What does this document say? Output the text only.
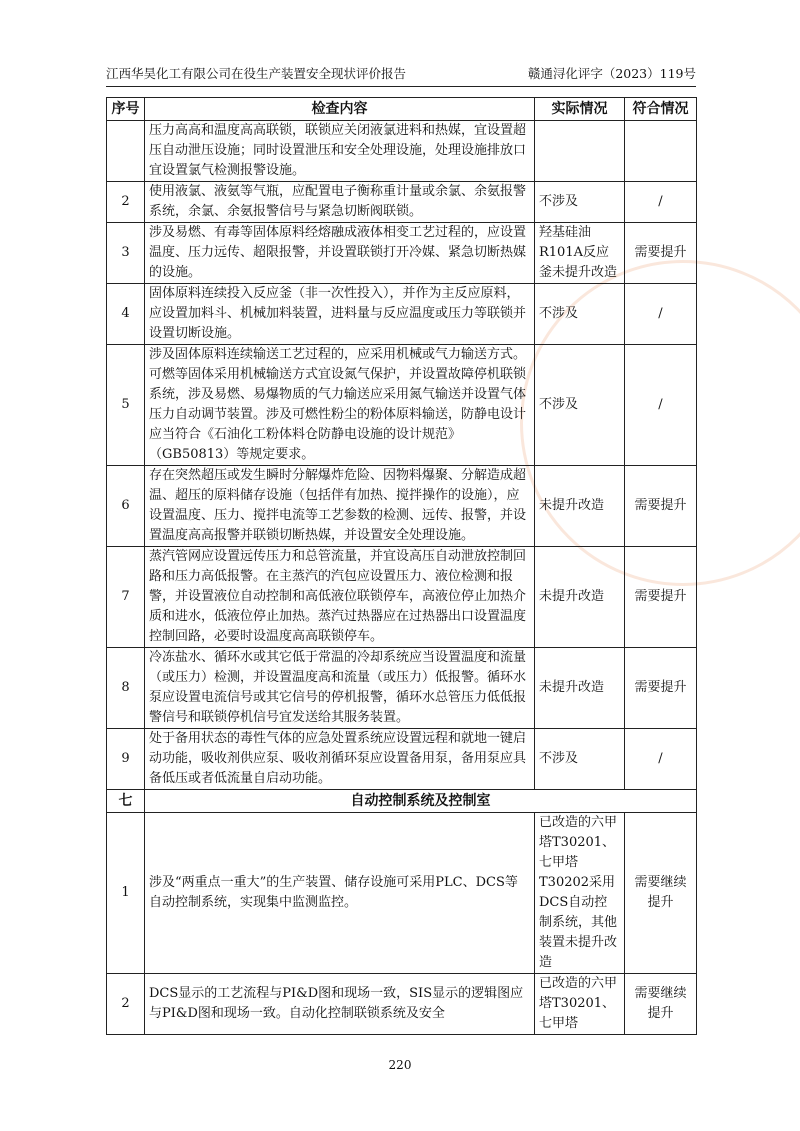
江西华昊化工有限公司在役生产装置安全现状评价报告	赣通浔化评字（2023）119号
序号	检查内容	实际情况	符合情况
	压力高高和温度高高联锁，联锁应关闭液氯进料和热媒，宜设置超压自动泄压设施；同时设置泄压和安全处理设施，处理设施排放口宜设置氯气检测报警设施。		
2	使用液氯、液氨等气瓶，应配置电子衡称重计量或余氯、余氨报警系统，余氯、余氨报警信号与紧急切断阀联锁。	不涉及	/
3	涉及易燃、有毒等固体原料经熔融成液体相变工艺过程的，应设置温度、压力远传、超限报警，并设置联锁打开冷媒、紧急切断热媒的设施。	羟基硅油R101A反应釜未提升改造	需要提升
4	固体原料连续投入反应釜（非一次性投入），并作为主反应原料，应设置加料斗、机械加料装置，进料量与反应温度或压力等联锁并设置切断设施。	不涉及	/
5	涉及固体原料连续输送工艺过程的，应采用机械或气力输送方式。可燃等固体采用机械输送方式宜设氮气保护，并设置故障停机联锁系统，涉及易燃、易爆物质的气力输送应采用氮气输送并设置气体压力自动调节装置。涉及可燃性粉尘的粉体原料输送，防静电设计应当符合《石油化工粉体料仓防静电设施的设计规范》（GB50813）等规定要求。	不涉及	/
6	存在突然超压或发生瞬时分解爆炸危险、因物料爆聚、分解造成超温、超压的原料储存设施（包括伴有加热、搅拌操作的设施），应设置温度、压力、搅拌电流等工艺参数的检测、远传、报警，并设置温度高高报警并联锁切断热媒，并设置安全处理设施。	未提升改造	需要提升
7	蒸汽管网应设置远传压力和总管流量，并宜设高压自动泄放控制回路和压力高低报警。在主蒸汽的汽包应设置压力、液位检测和报警，并设置液位自动控制和高低液位联锁停车，高液位停止加热介质和进水，低液位停止加热。蒸汽过热器应在过热器出口设置温度控制回路，必要时设温度高高联锁停车。	未提升改造	需要提升
8	冷冻盐水、循环水或其它低于常温的冷却系统应当设置温度和流量（或压力）检测，并设置温度高和流量（或压力）低报警。循环水泵应设置电流信号或其它信号的停机报警，循环水总管压力低低报警信号和联锁停机信号宜发送给其服务装置。	未提升改造	需要提升
9	处于备用状态的毒性气体的应急处置系统应设置远程和就地一键启动功能，吸收剂供应泵、吸收剂循环泵应设置备用泵，备用泵应具备低压或者低流量自启动功能。	不涉及	/
七	自动控制系统及控制室		
1	涉及“两重点一重大”的生产装置、储存设施可采用PLC、DCS等自动控制系统，实现集中监测监控。	已改造的六甲塔T30201、七甲塔T30202采用DCS自动控制系统，其他装置未提升改造	需要继续提升
2	DCS显示的工艺流程与PI&D图和现场一致，SIS显示的逻辑图应与PI&D图和现场一致。自动化控制联锁系统及安全	已改造的六甲塔T30201、七甲塔	需要继续提升
220
